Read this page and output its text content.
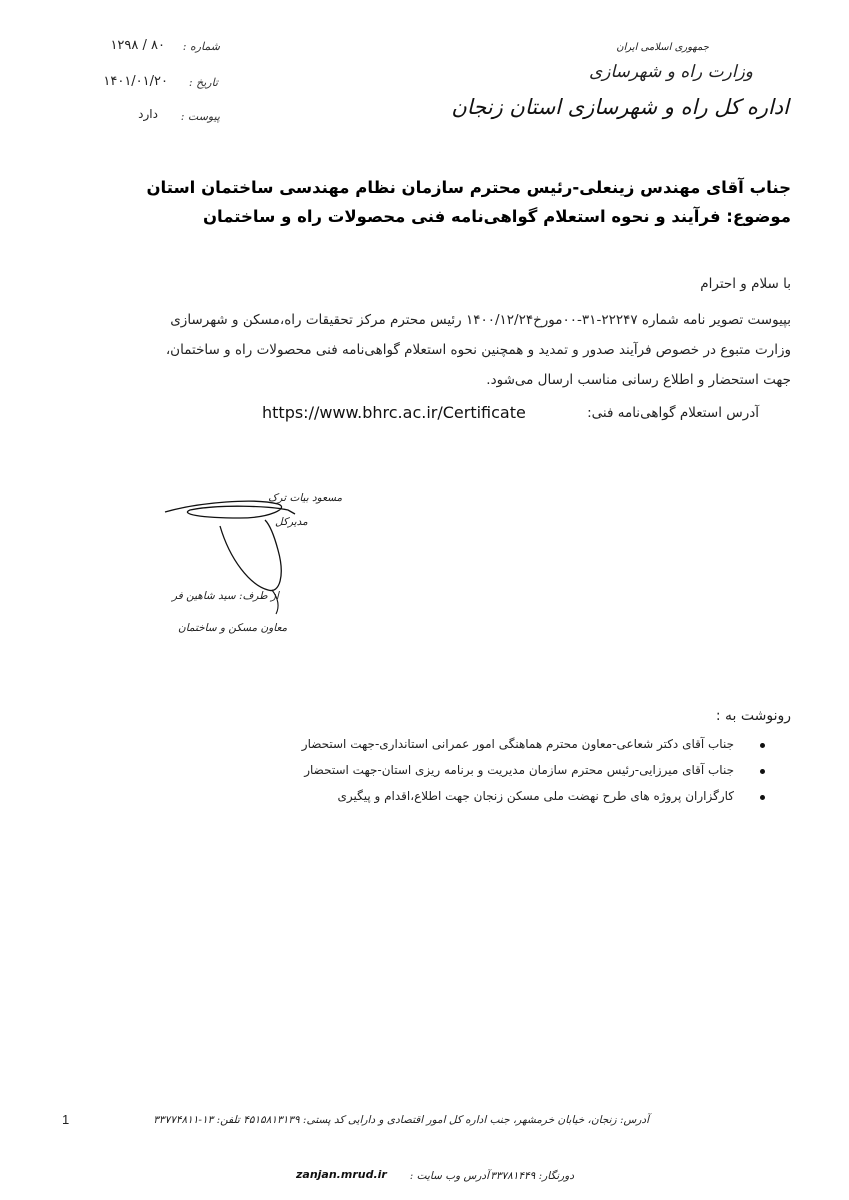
شماره :
۸۰ / ۱۲۹۸
تاریخ :
۱۴۰۱/۰۱/۲۰
پیوست :
دارد
جمهوری اسلامی ایران
وزارت راه و شهرسازی
اداره کل راه و شهرسازی استان زنجان
جناب آقای مهندس زینعلی-رئیس محترم سازمان نظام مهندسی ساختمان استان
موضوع: فرآیند و نحوه استعلام گواهی‌نامه فنی محصولات راه و ساختمان
با سلام و احترام
بپیوست تصویر نامه شماره ۲۲۲۴۷-۳۱-۰۰مورخ۱۴۰۰/۱۲/۲۴ رئیس محترم مرکز تحقیقات راه،مسکن و شهرسازی
وزارت متبوع در خصوص فرآیند صدور و تمدید و همچنین نحوه استعلام گواهی‌نامه فنی محصولات راه و ساختمان،
جهت استحضار و اطلاع رسانی مناسب ارسال می‌شود.
آدرس استعلام گواهی‌نامه فنی:
https://www.bhrc.ac.ir/Certificate
مسعود بیات ترک
مدیرکل
از طرف: سید شاهین فر
معاون مسکن و ساختمان
رونوشت به :
جناب آقای دکتر شعاعی-معاون محترم هماهنگی امور عمرانی استانداری-جهت استحضار
جناب آقای میرزایی-رئیس محترم سازمان مدیریت و برنامه ریزی استان-جهت استحضار
کارگزاران پروژه های طرح نهضت ملی مسکن زنجان جهت اطلاع،اقدام و پیگیری
1	آدرس: زنجان، خیابان خرمشهر، جنب اداره کل امور اقتصادی و دارایی کد پستی: ۴۵۱۵۸۱۳۱۳۹ تلفن: ۱۳-۳۳۷۷۴۸۱۱
دورنگار: ۳۳۷۸۱۴۴۹
آدرس وب سایت :
zanjan.mrud.ir
